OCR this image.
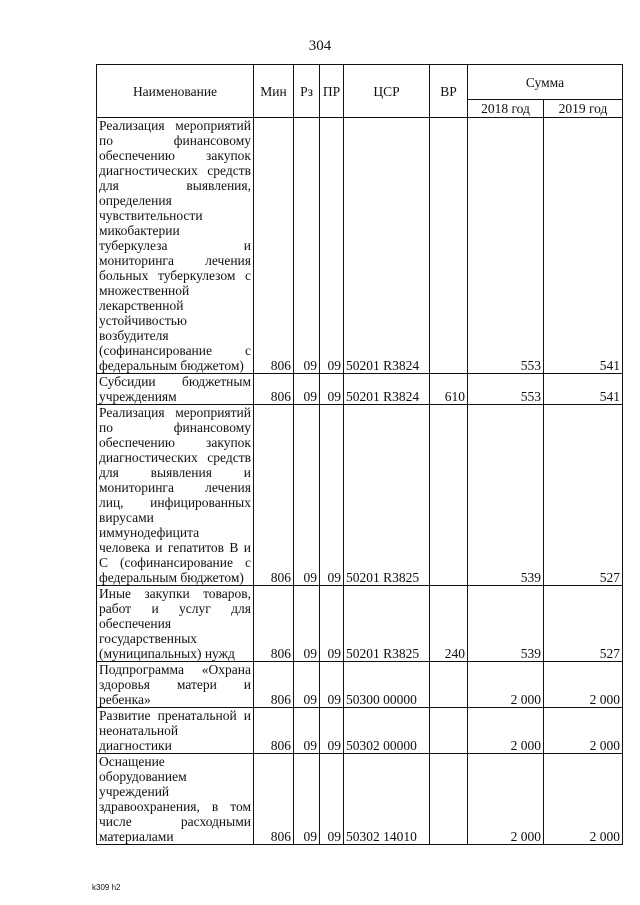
304
Наименование	Мин	Рз	ПР	ЦСР	ВР	Сумма	
						2018 год	2019 год
Реализация мероприятий по финансовому обеспечению закупок диагностических средств для выявления, определения чувствительности микобактерии туберкулеза и мониторинга лечения больных туберкулезом с множественной лекарственной устойчивостью возбудителя (софинансирование с федеральным бюджетом)	806	09	09	50201 R3824		553	541
Субсидии бюджетным учреждениям	806	09	09	50201 R3824	610	553	541
Реализация мероприятий по финансовому обеспечению закупок диагностических средств для выявления и мониторинга лечения лиц, инфицированных вирусами иммунодефицита человека и гепатитов В и С (софинансирование с федеральным бюджетом)	806	09	09	50201 R3825		539	527
Иные закупки товаров, работ и услуг для обеспечения государственных (муниципальных) нужд	806	09	09	50201 R3825	240	539	527
Подпрограмма «Охрана здоровья матери и ребенка»	806	09	09	50300 00000		2 000	2 000
Развитие пренатальной и неонатальной диагностики	806	09	09	50302 00000		2 000	2 000
Оснащение оборудованием учреждений здравоохранения, в том числе расходными материалами	806	09	09	50302 14010		2 000	2 000
k309 h2
